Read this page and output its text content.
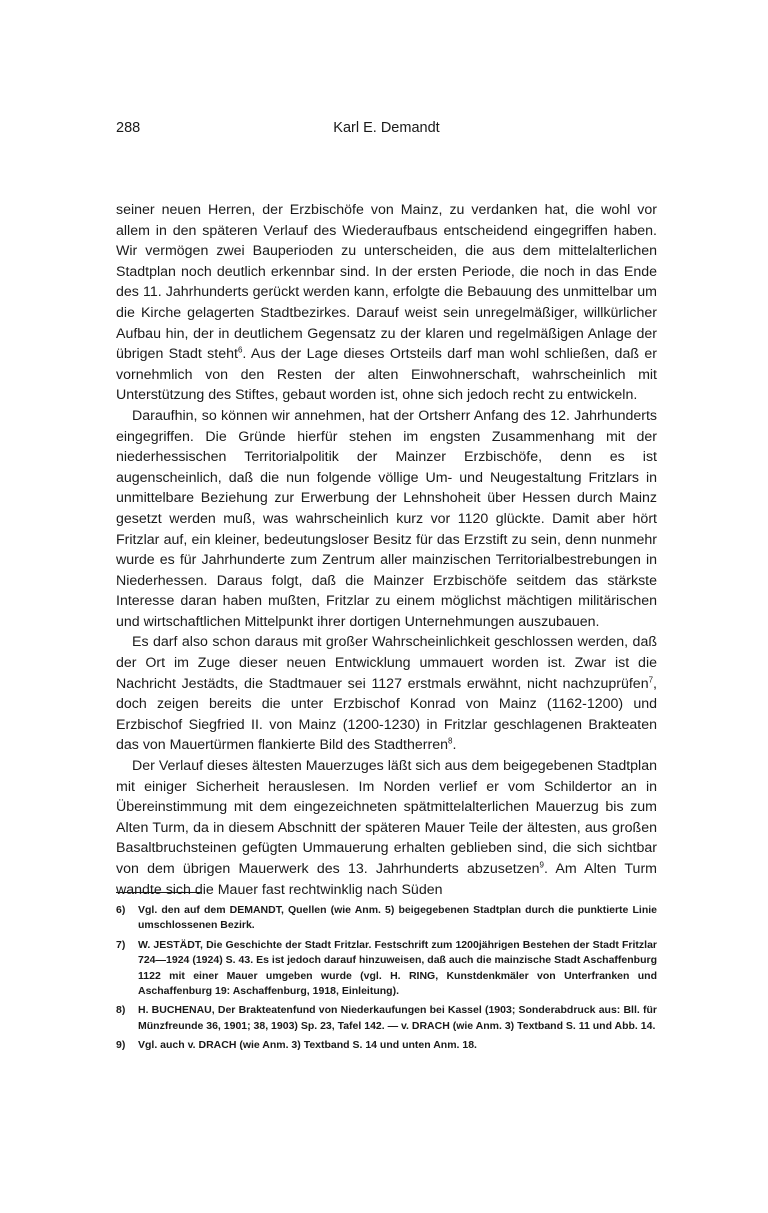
288	Karl E. Demandt

seiner neuen Herren, der Erzbischöfe von Mainz, zu verdanken hat, die wohl vor allem in den späteren Verlauf des Wiederaufbaus entscheidend eingegriffen haben. Wir vermögen zwei Bauperioden zu unterscheiden, die aus dem mittelalterlichen Stadtplan noch deutlich erkennbar sind. In der ersten Periode, die noch in das Ende des 11. Jahrhunderts gerückt werden kann, erfolgte die Bebauung des unmittelbar um die Kirche gelagerten Stadtbezirkes. Darauf weist sein unregelmäßiger, willkürlicher Aufbau hin, der in deutlichem Gegensatz zu der klaren und regelmäßigen Anlage der übrigen Stadt steht$^6$. Aus der Lage dieses Ortsteils darf man wohl schließen, daß er vornehmlich von den Resten der alten Einwohnerschaft, wahrscheinlich mit Unterstützung des Stiftes, gebaut worden ist, ohne sich jedoch recht zu entwickeln.

Daraufhin, so können wir annehmen, hat der Ortsherr Anfang des 12. Jahrhunderts eingegriffen. Die Gründe hierfür stehen im engsten Zusammenhang mit der niederhessischen Territorialpolitik der Mainzer Erzbischöfe, denn es ist augenscheinlich, daß die nun folgende völlige Um- und Neugestaltung Fritzlars in unmittelbare Beziehung zur Erwerbung der Lehnshoheit über Hessen durch Mainz gesetzt werden muß, was wahrscheinlich kurz vor 1120 glückte. Damit aber hört Fritzlar auf, ein kleiner, bedeutungsloser Besitz für das Erzstift zu sein, denn nunmehr wurde es für Jahrhunderte zum Zentrum aller mainzischen Territorialbestrebungen in Niederhessen. Daraus folgt, daß die Mainzer Erzbischöfe seitdem das stärkste Interesse daran haben mußten, Fritzlar zu einem möglichst mächtigen militärischen und wirtschaftlichen Mittelpunkt ihrer dortigen Unternehmungen auszubauen.

Es darf also schon daraus mit großer Wahrscheinlichkeit geschlossen werden, daß der Ort im Zuge dieser neuen Entwicklung ummauert worden ist. Zwar ist die Nachricht Jestädts, die Stadtmauer sei 1127 erstmals erwähnt, nicht nachzuprüfen$^7$, doch zeigen bereits die unter Erzbischof Konrad von Mainz (1162-1200) und Erzbischof Siegfried II. von Mainz (1200-1230) in Fritzlar geschlagenen Brakteaten das von Mauertürmen flankierte Bild des Stadtherren$^8$.

Der Verlauf dieses ältesten Mauerzuges läßt sich aus dem beigegebenen Stadtplan mit einiger Sicherheit herauslesen. Im Norden verlief er vom Schildertor an in Übereinstimmung mit dem eingezeichneten spätmittelalterlichen Mauerzug bis zum Alten Turm, da in diesem Abschnitt der späteren Mauer Teile der ältesten, aus großen Basaltbruchsteinen gefügten Ummauerung erhalten geblieben sind, die sich sichtbar von dem übrigen Mauerwerk des 13. Jahrhunderts abzusetzen$^9$. Am Alten Turm wandte sich die Mauer fast rechtwinklig nach Süden

6) Vgl. den auf dem DEMANDT, Quellen (wie Anm. 5) beigegebenen Stadtplan durch die punktierte Linie umschlossenen Bezirk.
7) W. JESTÄDT, Die Geschichte der Stadt Fritzlar. Festschrift zum 1200jährigen Bestehen der Stadt Fritzlar 724—1924 (1924) S. 43. Es ist jedoch darauf hinzuweisen, daß auch die mainzische Stadt Aschaffenburg 1122 mit einer Mauer umgeben wurde (vgl. H. RING, Kunstdenkmäler von Unterfranken und Aschaffenburg 19: Aschaffenburg, 1918, Einleitung).
8) H. BUCHENAU, Der Brakteatenfund von Niederkaufungen bei Kassel (1903; Sonderabdruck aus: Bll. für Münzfreunde 36, 1901; 38, 1903) Sp. 23, Tafel 142. — v. DRACH (wie Anm. 3) Textband S. 11 und Abb. 14.
9) Vgl. auch v. DRACH (wie Anm. 3) Textband S. 14 und unten Anm. 18.
